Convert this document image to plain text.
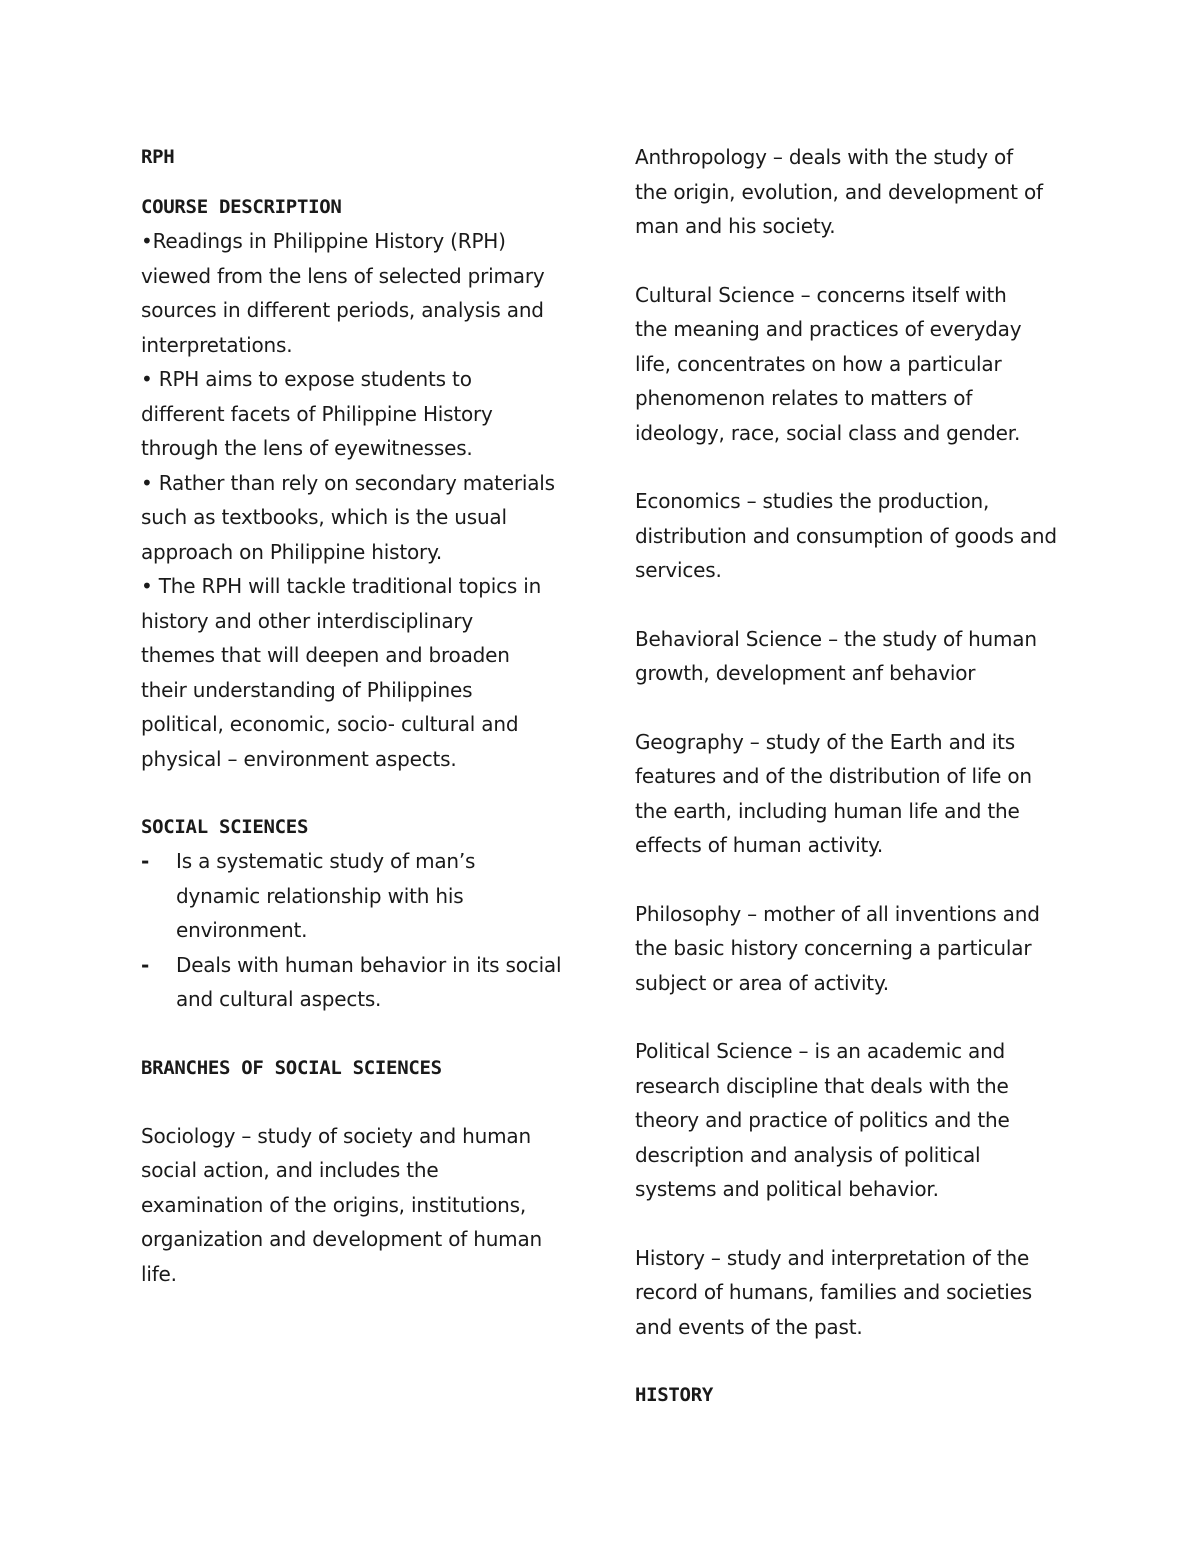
RPH
COURSE DESCRIPTION
•Readings in Philippine History (RPH)
viewed from the lens of selected primary
sources in different periods, analysis and
interpretations.
• RPH aims to expose students to
different facets of Philippine History
through the lens of eyewitnesses.
• Rather than rely on secondary materials
such as textbooks, which is the usual
approach on Philippine history.
• The RPH will tackle traditional topics in
history and other interdisciplinary
themes that will deepen and broaden
their understanding of Philippines
political, economic, socio- cultural and
physical – environment aspects.
SOCIAL SCIENCES
-	Is a systematic study of man’s
dynamic relationship with his
environment.
-	Deals with human behavior in its social
and cultural aspects.
BRANCHES OF SOCIAL SCIENCES
Sociology – study of society and human
social action, and includes the
examination of the origins, institutions,
organization and development of human
life.
Anthropology – deals with the study of
the origin, evolution, and development of
man and his society.
Cultural Science – concerns itself with
the meaning and practices of everyday
life, concentrates on how a particular
phenomenon relates to matters of
ideology, race, social class and gender.
Economics – studies the production,
distribution and consumption of goods and
services.
Behavioral Science – the study of human
growth, development anf behavior
Geography – study of the Earth and its
features and of the distribution of life on
the earth, including human life and the
effects of human activity.
Philosophy – mother of all inventions and
the basic history concerning a particular
subject or area of activity.
Political Science – is an academic and
research discipline that deals with the
theory and practice of politics and the
description and analysis of political
systems and political behavior.
History – study and interpretation of the
record of humans, families and societies
and events of the past.
HISTORY
